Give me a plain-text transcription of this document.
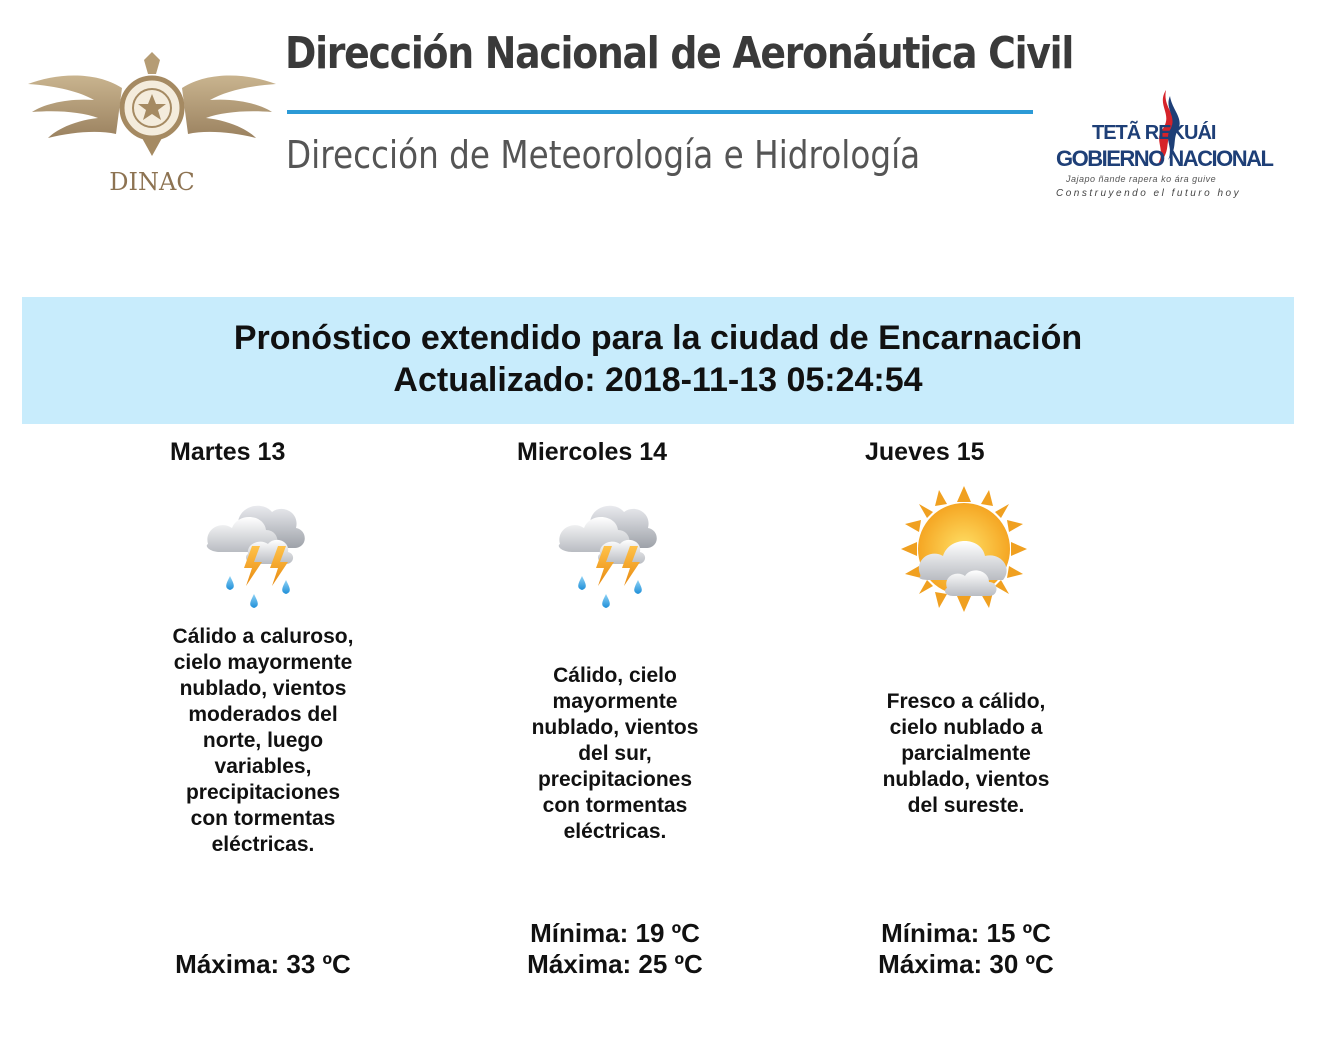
DINAC
Dirección Nacional de Aeronáutica Civil
Dirección de Meteorología e Hidrología	TETÃ REKUÁI
GOBIERNO NACIONAL
Jajapo ñande rapera ko ára guive
Construyendo el futuro hoy
Pronóstico extendido para la ciudad de Encarnación
Actualizado: 2018-11-13 05:24:54
Martes 13
Cálido a caluroso, cielo mayormente nublado, vientos moderados del norte, luego variables, precipitaciones con tormentas eléctricas.
Máxima: 33 ºC
Miercoles 14
Cálido, cielo mayormente nublado, vientos del sur, precipitaciones con tormentas eléctricas.
Mínima: 19 ºC
Máxima: 25 ºC
Jueves 15
Fresco a cálido, cielo nublado a parcialmente nublado, vientos del sureste.
Mínima: 15 ºC
Máxima: 30 ºC
